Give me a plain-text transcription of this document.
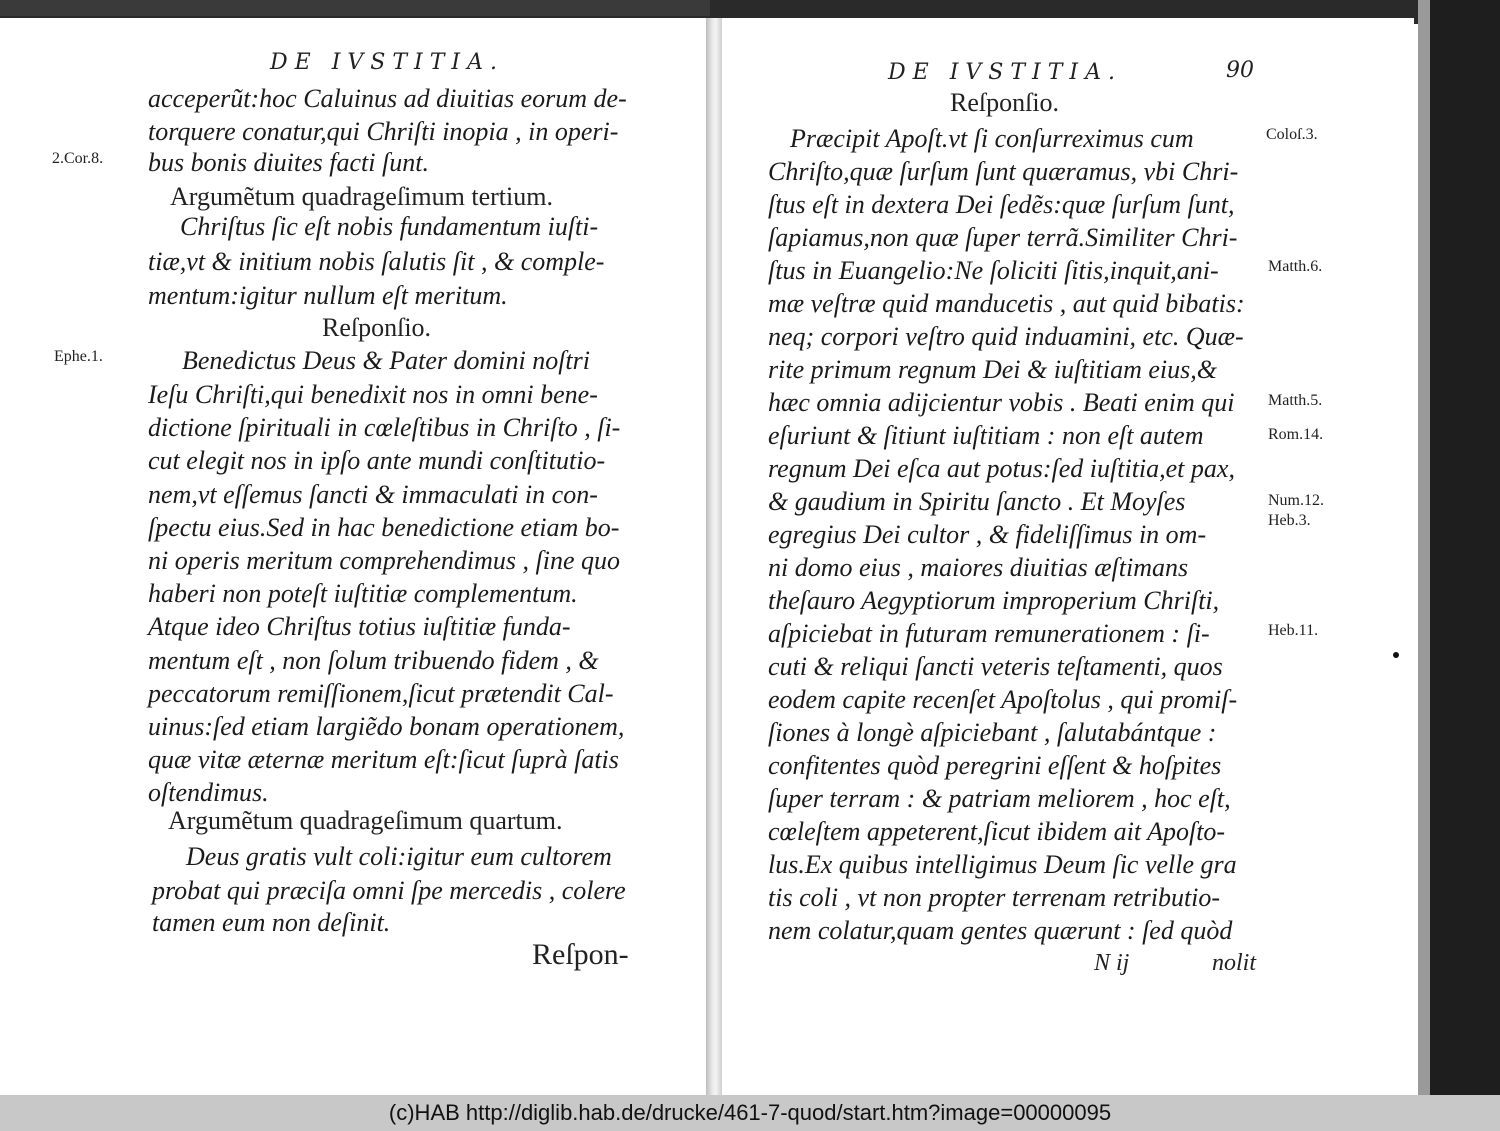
DE IVSTITIA.
acceperũt:hoc Caluinus ad diuitias eorum de-
torquere conatur,qui Chriſti inopia , in operi-
2.Cor.8. bus bonis diuites facti ſunt.
Argumẽtum quadrageſimum tertium.
Chriſtus ſic eſt nobis fundamentum iuſti-
tiæ,vt & initium nobis ſalutis ſit , & comple-
mentum:igitur nullum eſt meritum.
Reſponſio.
Ephe.1.	Benedictus Deus & Pater domini noſtri
Ieſu Chriſti,qui benedixit nos in omni bene-
dictione ſpirituali in cœleſtibus in Chriſto , ſi-
cut elegit nos in ipſo ante mundi conſtitutio-
nem,vt eſſemus ſancti & immaculati in con-
ſpectu eius.Sed in hac benedictione etiam bo-
ni operis meritum comprehendimus , ſine quo
haberi non poteſt iuſtitiæ complementum.
Atque ideo Chriſtus totius iuſtitiæ funda-
mentum eſt , non ſolum tribuendo fidem , &
peccatorum remiſſionem,ſicut prætendit Cal-
uinus:ſed etiam largiẽdo bonam operationem,
quæ vitæ æternæ meritum eſt:ſicut ſuprà ſatis
oſtendimus.
Argumẽtum quadrageſimum quartum.
Deus gratis vult coli:igitur eum cultorem
probat qui præciſa omni ſpe mercedis , colere
tamen eum non deſinit.
Reſpon-
DE IVSTITIA.	90
Reſponſio.
Præcipit Apoſt.vt ſi conſurreximus cum	Coloſ.3.
Chriſto,quæ ſurſum ſunt quæramus, vbi Chri-
ſtus eſt in dextera Dei ſedẽs:quæ ſurſum ſunt,
ſapiamus,non quæ ſuper terrã.Similiter Chri-
ſtus in Euangelio:Ne ſoliciti ſitis,inquit,ani-	Matth.6.
mæ veſtræ quid manducetis , aut quid bibatis:
neq; corpori veſtro quid induamini, etc. Quæ-
rite primum regnum Dei & iuſtitiam eius,&
hæc omnia adijcientur vobis . Beati enim qui Matth.5.
eſuriunt & ſitiunt iuſtitiam : non eſt autem	Rom.14.
regnum Dei eſca aut potus:ſed iuſtitia,et pax,
& gaudium in Spiritu ſancto . Et Moyſes	Num.12.
Heb.3.
egregius Dei cultor , & fideliſſimus in om-
ni domo eius , maiores diuitias æſtimans
theſauro Aegyptiorum improperium Chriſti,
aſpiciebat in futuram remunerationem : ſi-	Heb.11.
cuti & reliqui ſancti veteris teſtamenti, quos
eodem capite recenſet Apoſtolus , qui promiſ-
ſiones à longè aſpiciebant , ſalutabántque :
confitentes quòd peregrini eſſent & hoſpites
ſuper terram : & patriam meliorem , hoc eſt,
cœleſtem appeterent,ſicut ibidem ait Apoſto-
lus.Ex quibus intelligimus Deum ſic velle gra
tis coli , vt non propter terrenam retributio-
nem colatur,quam gentes quærunt : ſed quòd
N ij	nolit
(c)HAB http://diglib.hab.de/drucke/461-7-quod/start.htm?image=00000095
